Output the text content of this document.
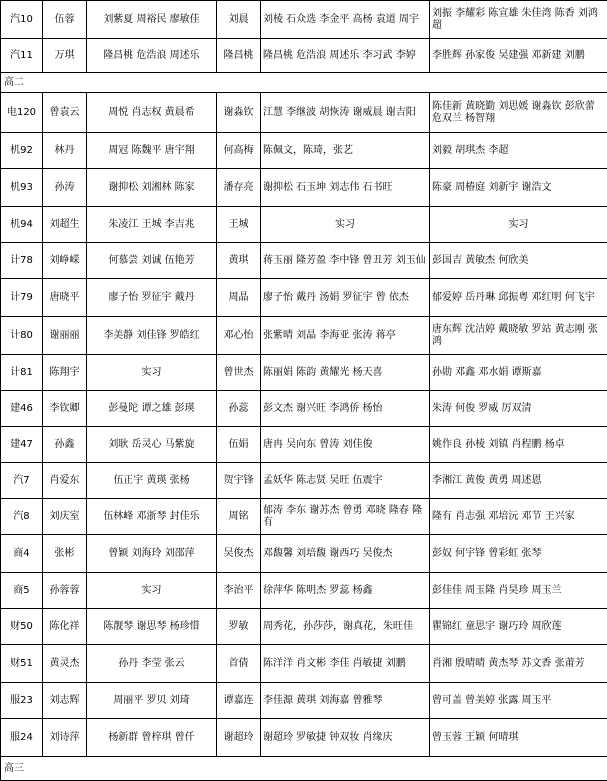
汽10	伍蓉	刘紫夏 周裕民 廖敏佳	刘晨	刘棱 石众选 李金平 高杨 袁道 周宇	刘振 李耀彩 陈宣雄 朱佳湾 陈香 刘鸿超
汽11	万琪	隆昌桃 危浩浪 周述乐	隆昌桃	隆昌桃 危浩浪 周述乐 李习武 李婷	李胜辉 孙家俊 吴建强 邓新建 刘鹏
高二					
电120	曾袁云	周悦 肖志权 黄晨希	谢淼钦	江慧 李继波 胡恢涛 谢威晨 谢吉阳	陈佳新 黄晓勤 刘思媛 谢淼钦 彭欣蕾 危双兰 杨智翔
机92	林丹	周冠 陈魏平 唐宇翔	何高梅	陈佩文，陈琦，张艺	刘毅 胡琪杰 李超
机93	孙涛	谢抑松 刘湘林 陈家	潘存亮	谢抑松 石玉坤 刘志伟 石书旺	陈豪 周椿庭 刘新宇 谢浩文
机94	刘超生	朱凌江 王城 李吉兆	王城	实习	实习
计78	刘峥嵘	何慕尝 刘诚 伍艳芳	黄琪	蒋玉丽 隆芳盈 李中锋 曾丑芳 刘玉仙	彭国吉 黄敏杰 何欣美
计79	唐晓平	廖子怡 罗征宇 戴丹	周晶	廖子怡 戴丹 汤娟 罗征宇 曾 依杰	郁爱婷 岳丹琳 邱振粤 邓红明 何飞宇
计80	谢丽丽	李美静 刘佳锋 罗皓红	邓心怡	张紫晴 刘晶 李海亚 张涛 蒋亭	唐东辉 沈洁婷 戴晓敏 罗站 黄志刚 张鸿
计81	陈翔宇	实习	曾世杰	陈丽娟 陈韵 黄耀光 杨天喜	孙勋 邓鑫 邓水娟 谭斯嘉
建46	李钦卿	彭曼陀 谭之雄 彭瑛	孙蕊	彭文杰 谢兴旺 李鸿侨 杨怡	朱涛 何俊 罗威 厉双清
建47	孙鑫	刘耿 岳灵心 马紫旋	伍娟	唐冉 吴向东 曾涛 刘佳俊	姚作良 孙棱 刘镇 肖程鹏 杨卓
汽7	肖爱东	伍正宇 黄瑛 张杨	贺宇锋	孟妖华 陈志贤 吴旺 伍震宇	李湘江 黄俊 黄勇 周述恩
汽8	刘庆室	伍林峰 邓浙琴 封佳乐	周铭	郁涛 李东 谢苏杰 曾勇 邓晓 隆春 隆有	隆有 肖志强 邓培沅 邓节 王兴家
商4	张彬	曾颖 刘海玲 刘邵萍	吴俊杰	邓馥馨 刘培馥 谢西巧 吴俊杰	彭奴 何宇锋 曾彩虹 张琴
商5	孙蓉蓉	实习	李治平	徐萍华 陈明杰 罗蕊 杨鑫	彭佳佳 周玉隆 肖昊珍 周玉兰
财50	陈化祥	陈靓琴 谢思琴 杨珍惜	罗敏	周秀花，孙莎莎，谢真花，朱旺佳	瞿锦红 童思宇 谢巧玲 周欣莲
财51	黄灵杰	孙丹 李莹 张云	首倩	陈洋洋 肖文彬 李佳 肖敏捷 刘鹏	肖湘 殷晴晴 黄杰琴 苏文香 张莆芳
服23	刘志辉	周丽平 罗贝 刘琦	谭嘉连	李佳源 黄琪 刘海嘉 曾雅琴	曾可盖 曾美婷 张露 周玉平
服24	刘诗萍	杨新群 曾梓琪 曾仟	谢超玲	谢超玲 罗敏捷 钟双妆 肖缘庆	曾玉蓉 王颖 何晴琪
高三					
